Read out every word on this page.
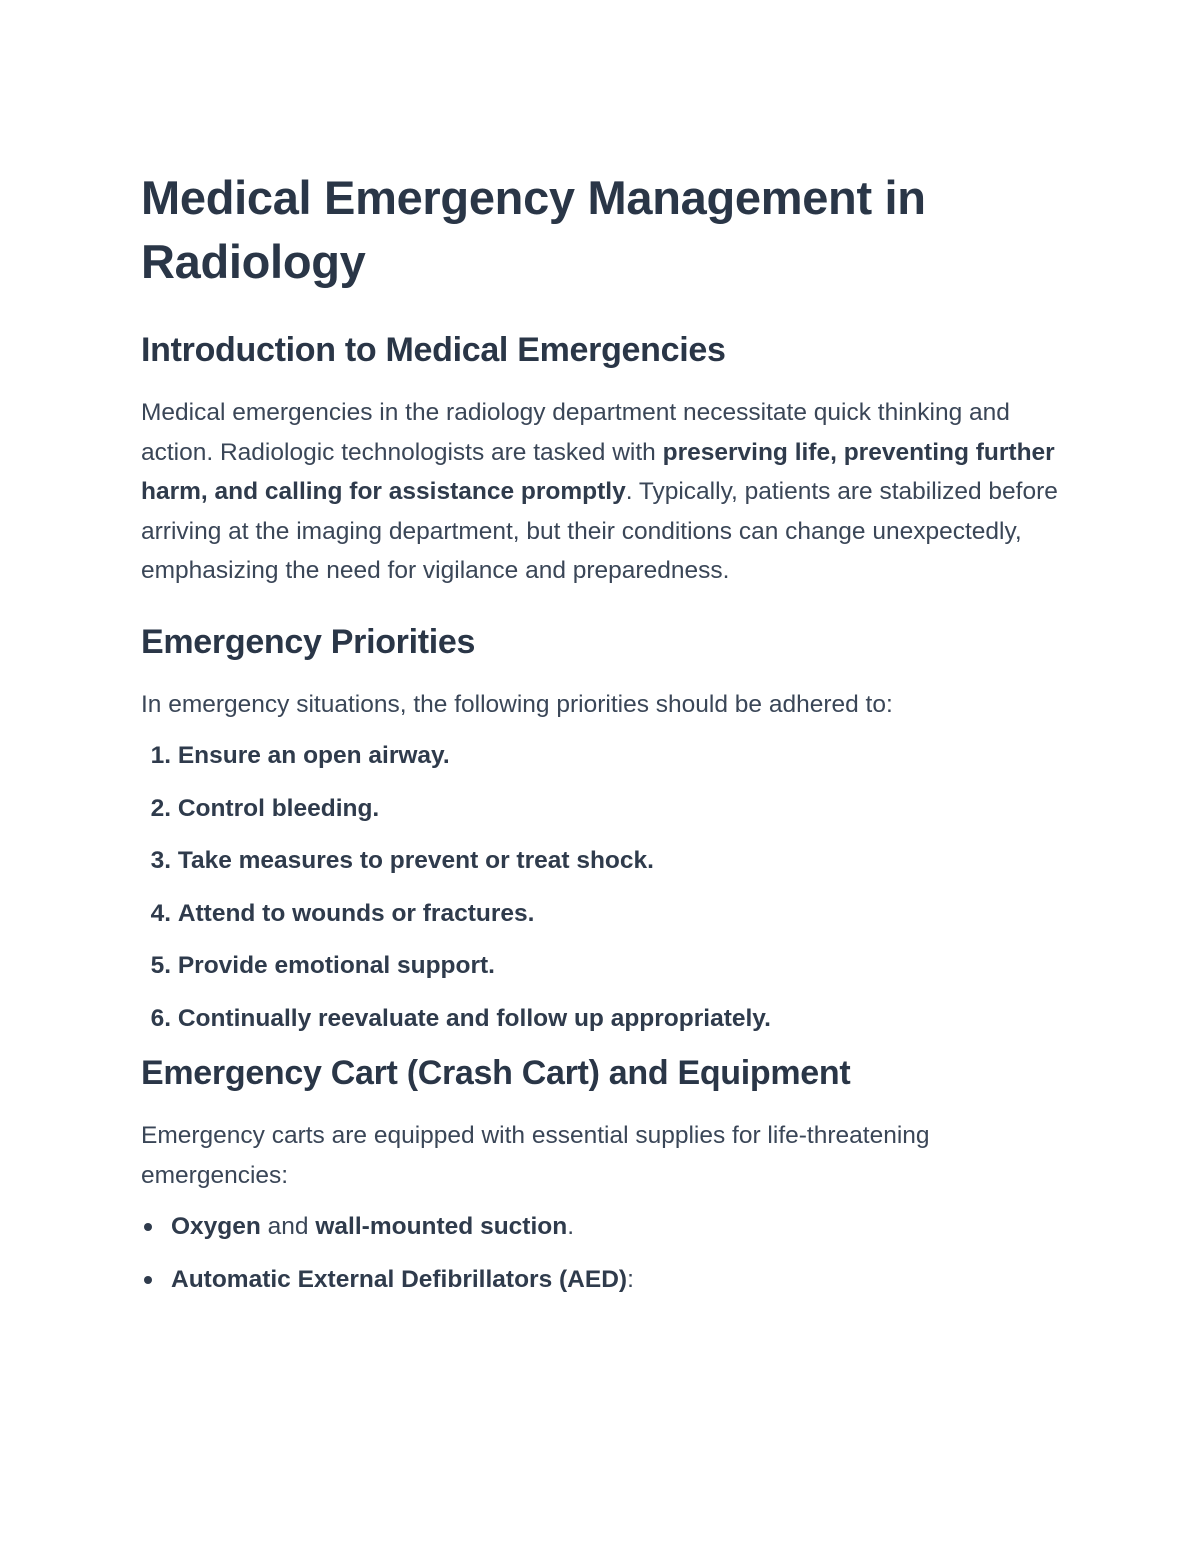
Medical Emergency Management in Radiology
Introduction to Medical Emergencies

Medical emergencies in the radiology department necessitate quick thinking and action. Radiologic technologists are tasked with preserving life, preventing further harm, and calling for assistance promptly. Typically, patients are stabilized before arriving at the imaging department, but their conditions can change unexpectedly, emphasizing the need for vigilance and preparedness.

Emergency Priorities

In emergency situations, the following priorities should be adhered to:

1.
Ensure an open airway.
2.
Control bleeding.
3.
Take measures to prevent or treat shock.
4.
Attend to wounds or fractures.
5.
Provide emotional support.
6.
Continually reevaluate and follow up appropriately.
Emergency Cart (Crash Cart) and Equipment

Emergency carts are equipped with essential supplies for life-threatening emergencies:

Oxygen and wall-mounted suction.
Automatic External Defibrillators (AED):
